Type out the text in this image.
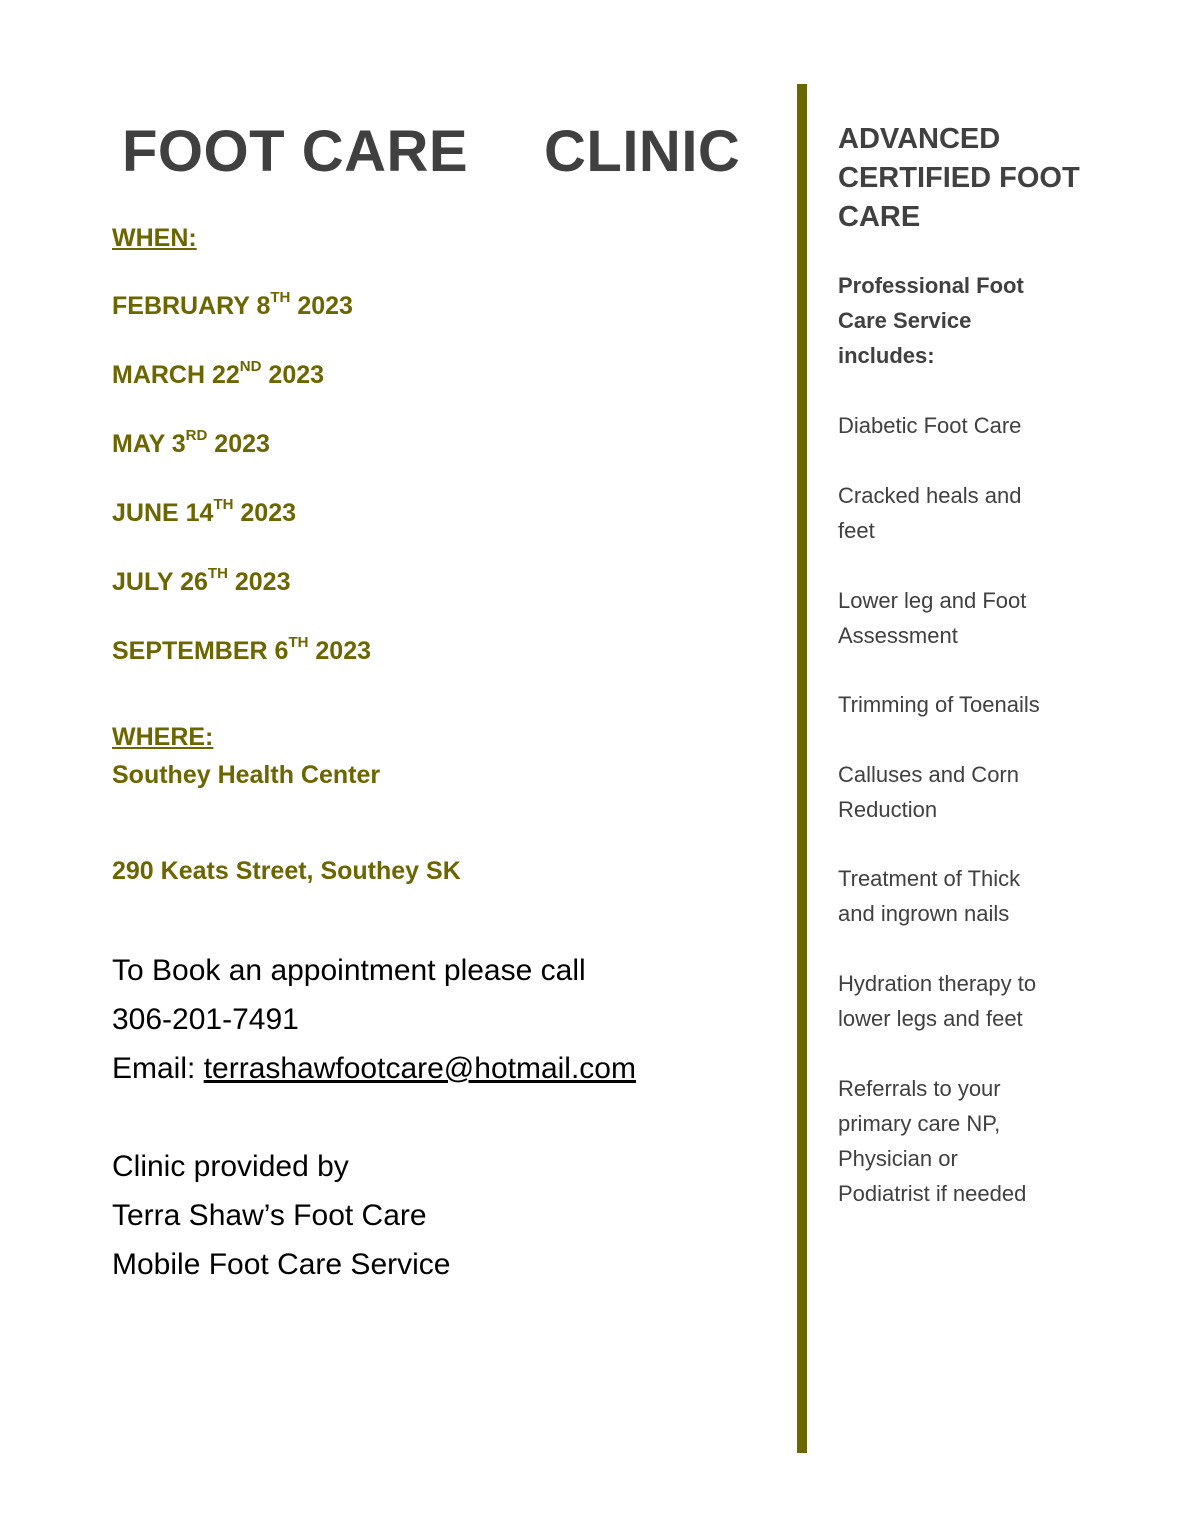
FOOT CARE CLINIC
WHEN:
FEBRUARY 8TH 2023
MARCH 22ND 2023
MAY 3RD 2023
JUNE 14TH 2023
JULY 26TH 2023
SEPTEMBER 6TH 2023
WHERE:
Southey Health Center
290 Keats Street, Southey SK
To Book an appointment please call
306-201-7491
Email: terrashawfootcare@hotmail.com
Clinic provided by
Terra Shaw’s Foot Care
Mobile Foot Care Service
ADVANCED
CERTIFIED FOOT
CARE
Professional Foot
Care Service
includes:
Diabetic Foot Care
Cracked heals and
feet
Lower leg and Foot
Assessment
Trimming of Toenails
Calluses and Corn
Reduction
Treatment of Thick
and ingrown nails
Hydration therapy to
lower legs and feet
Referrals to your
primary care NP,
Physician or
Podiatrist if needed
